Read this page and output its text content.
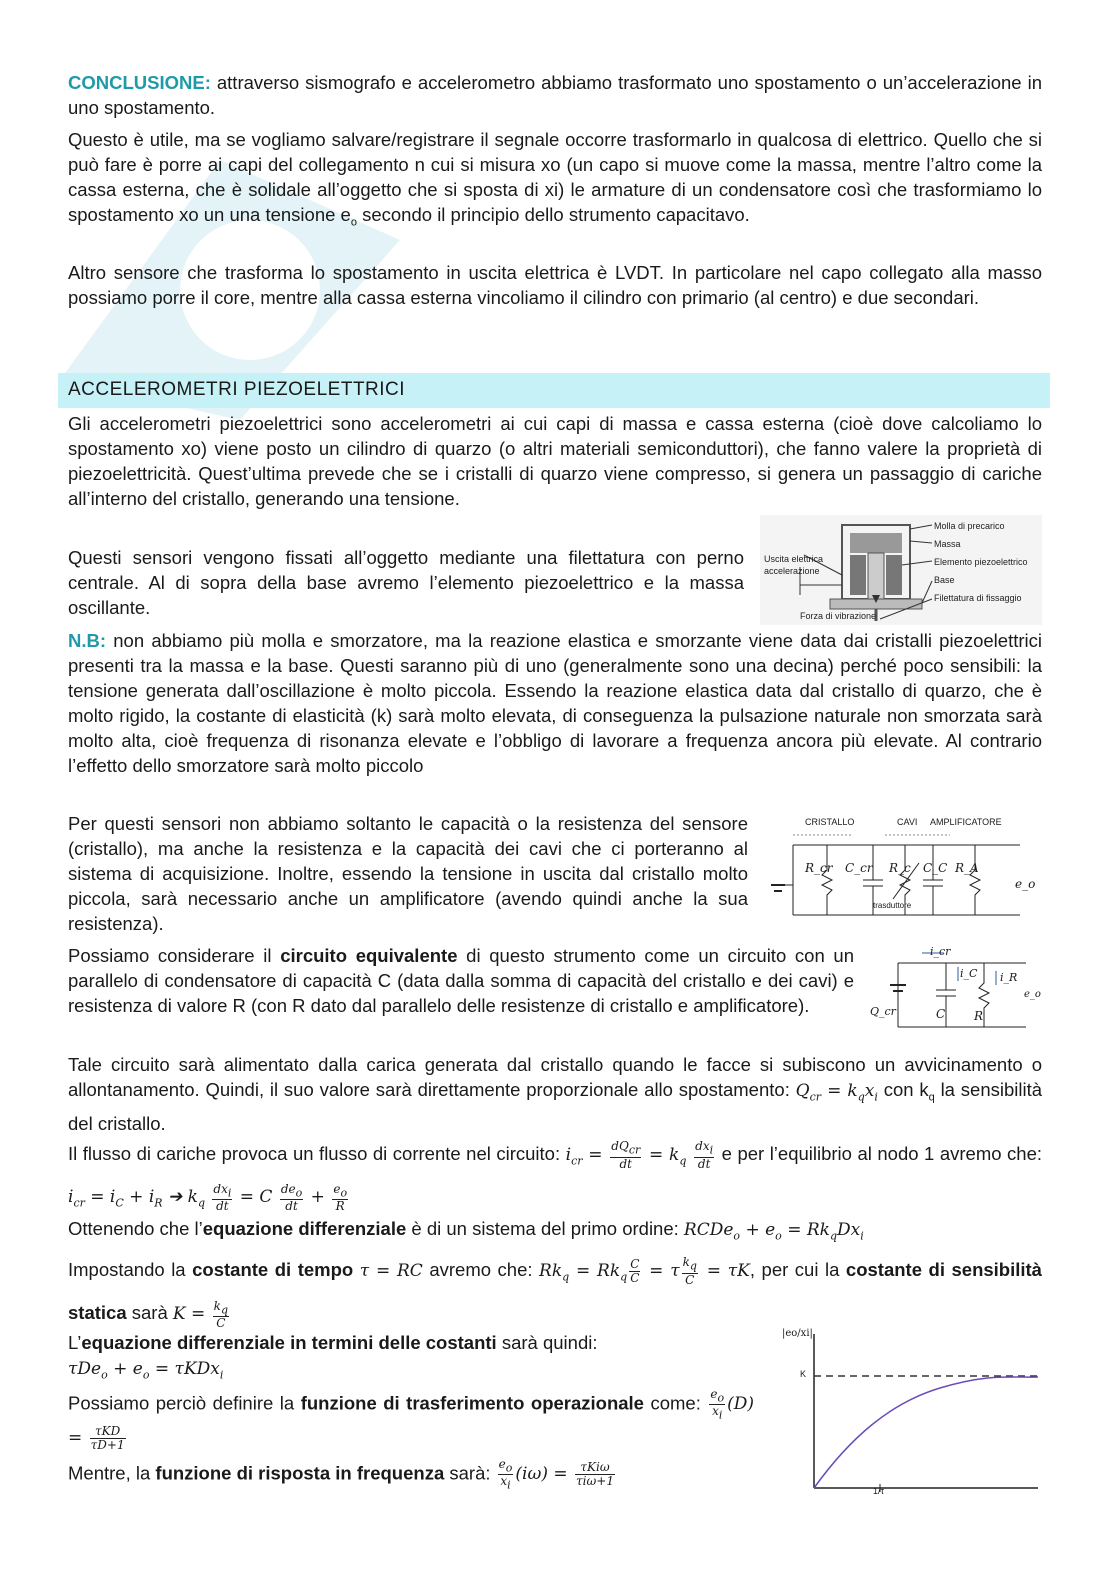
CONCLUSIONE: attraverso sismografo e accelerometro abbiamo trasformato uno spostamento o un’accelerazione in uno spostamento.

Questo è utile, ma se vogliamo salvare/registrare il segnale occorre trasformarlo in qualcosa di elettrico. Quello che si può fare è porre ai capi del collegamento n cui si misura xo (un capo si muove come la massa, mentre l’altro come la cassa esterna, che è solidale all’oggetto che si sposta di xi) le armature di un condensatore così che trasformiamo lo spostamento xo un una tensione $e_o$ secondo il principio dello strumento capacitavo.

Altro sensore che trasforma lo spostamento in uscita elettrica è LVDT. In particolare nel capo collegato alla masso possiamo porre il core, mentre alla cassa esterna vincoliamo il cilindro con primario (al centro) e due secondari.

ACCELEROMETRI PIEZOELETTRICI

Gli accelerometri piezoelettrici sono accelerometri ai cui capi di massa e cassa esterna (cioè dove calcoliamo lo spostamento xo) viene posto un cilindro di quarzo (o altri materiali semiconduttori), che fanno valere la proprietà di piezoelettricità. Quest’ultima prevede che se i cristalli di quarzo viene compresso, si genera un passaggio di cariche all’interno del cristallo, generando una tensione.

Questi sensori vengono fissati all’oggetto mediante una filettatura con perno centrale. Al di sopra della base avremo l’elemento piezoelettrico e la massa oscillante.

Molla di precarico
Massa
Elemento piezoelettrico
Base
Filettatura di fissaggio
Uscita elettrica
accelerazione
Forza di vibrazione

N.B: non abbiamo più molla e smorzatore, ma la reazione elastica e smorzante viene data dai cristalli piezoelettrici presenti tra la massa e la base. Questi saranno più di uno (generalmente sono una decina) perché poco sensibili: la tensione generata dall’oscillazione è molto piccola. Essendo la reazione elastica data dal cristallo di quarzo, che è molto rigido, la costante di elasticità (k) sarà molto elevata, di conseguenza la pulsazione naturale non smorzata sarà molto alta, cioè frequenza di risonanza elevate e l’obbligo di lavorare a frequenza ancora più elevate. Al contrario l’effetto dello smorzatore sarà molto piccolo

Per questi sensori non abbiamo soltanto le capacità o la resistenza del sensore (cristallo), ma anche la resistenza e la capacità dei cavi che ci porteranno al sistema di acquisizione. Inoltre, essendo la tensione in uscita dal cristallo molto piccola, sarà necessario anche un amplificatore (avendo quindi anche la sua resistenza).

CRISTALLO	CAVI AMPLIFICATORE
R_cr C_cr R_c C_C R_A
e_o
trasduttore

Possiamo considerare il circuito equivalente di questo strumento come un circuito con un parallelo di condensatore di capacità C (data dalla somma di capacità del cristallo e dei cavi) e resistenza di valore R (con R dato dal parallelo delle resistenze di cristallo e amplificatore).

i_cr
i_C i_R
Q_cr	C R
e_o

Tale circuito sarà alimentato dalla carica generata dal cristallo quando le facce si subiscono un avvicinamento o allontanamento. Quindi, il suo valore sarà direttamente proporzionale allo spostamento: $Q_{cr} = k_qx_i$ con $k_q$ la sensibilità del cristallo.

Il flusso di cariche provoca un flusso di corrente nel circuito: $i_{cr} = \frac{dQ_{cr}}{dt} = k_q \frac{dx_i}{dt}$ e per l’equilibrio al nodo 1 avremo che: $i_{cr} = i_C + i_R$ ➔ $k_q \frac{dx_i}{dt} = C \frac{de_o}{dt} + \frac{e_o}{R}$

Ottenendo che l’equazione differenziale è di un sistema del primo ordine: RCDe$_o$ + $e_o = Rk_qDx_i$

Impostando la costante di tempo τ = RC avremo che: $Rk_q = Rk_q \frac{C}{C} = \tau \frac{k_q}{C} = \tau K$, per cui la costante di sensibilità statica sarà $K = \frac{k_q}{C}$

L’equazione differenziale in termini delle costanti sarà quindi:
$\tau De_o + e_o = \tau KDx_i$

Possiamo perciò definire la funzione di trasferimento operazionale come: $\frac{e_o}{x_i} (D) = \frac{\text{τKD}}{\tau D+1}$

Mentre, la funzione di risposta in frequenza sarà: $\frac{e_o}{x_i} (i\omega) = \frac{\text{τKiω}}{\text{τiω+1}}$

|eo/xi|
K
1/τ
